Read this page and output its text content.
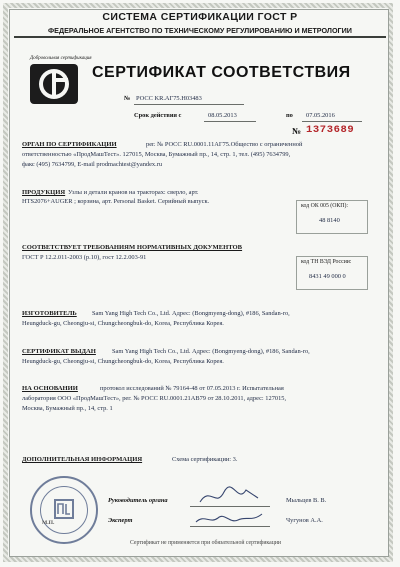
СИСТЕМА СЕРТИФИКАЦИИ ГОСТ Р
ФЕДЕРАЛЬНОЕ АГЕНТСТВО ПО ТЕХНИЧЕСКОМУ РЕГУЛИРОВАНИЮ И МЕТРОЛОГИИ
Добровольная сертификация
СЕРТИФИКАТ СООТВЕТСТВИЯ
№ РОСС KR.АГ75.H03483
Срок действия с	08.05.2013	по 07.05.2016
№ 1373689
ОРГАН ПО СЕРТИФИКАЦИИ	рег. № РОСС RU.0001.11АГ75.Общество с ограниченной
ответственностью «ПродМашТест». 127015, Москва, Бумажный пр., 14, стр. 1, тел. (495) 7634799,
факс (495) 7634799, E-mail prodmachtest@yandex.ru
ПРОДУКЦИЯ Узлы и детали кранов на тракторах: сверло, арт.
HTS2076+AUGER ; корзина, арт. Personal Basket. Серийный выпуск.
код ОК 005 (ОКП):
48 8140
СООТВЕТСТВУЕТ ТРЕБОВАНИЯМ НОРМАТИВНЫХ ДОКУМЕНТОВ
ГОСТ Р 12.2.011-2003 (р.10), гост 12.2.003-91
код ТН ВЭД России:
8431 49 000 0
ИЗГОТОВИТЕЛЬ Sam Yang High Tech Co., Ltd. Адрес: (Bongmyeng-dong), #186, Sandan-ro,
Heungduck-gu, Cheongju-si, Chungcheongbuk-do, Korea, Республика Корея.
СЕРТИФИКАТ ВЫДАН	Sam Yang High Tech Co., Ltd. Адрес: (Bongmyeng-dong), #186, Sandan-ro,
Heungduck-gu, Cheongju-si, Chungcheongbuk-do, Korea, Республика Корея.
НА ОСНОВАНИИ	протокол исследований № 79164-48 от 07.05.2013 г. Испытательная
лаборатория ООО «ПродМашТест», рег. № РОСС RU.0001.21АВ79 от 28.10.2011, адрес: 127015,
Москва, Бумажный пр., 14, стр. 1
ДОПОЛНИТЕЛЬНАЯ ИНФОРМАЦИЯ	Схема сертификации: 3.
М.П.
Руководитель органа	Мыльцев В. В.
Эксперт	Чугунов А.А.
Сертификат не применяется при обязательной сертификации
